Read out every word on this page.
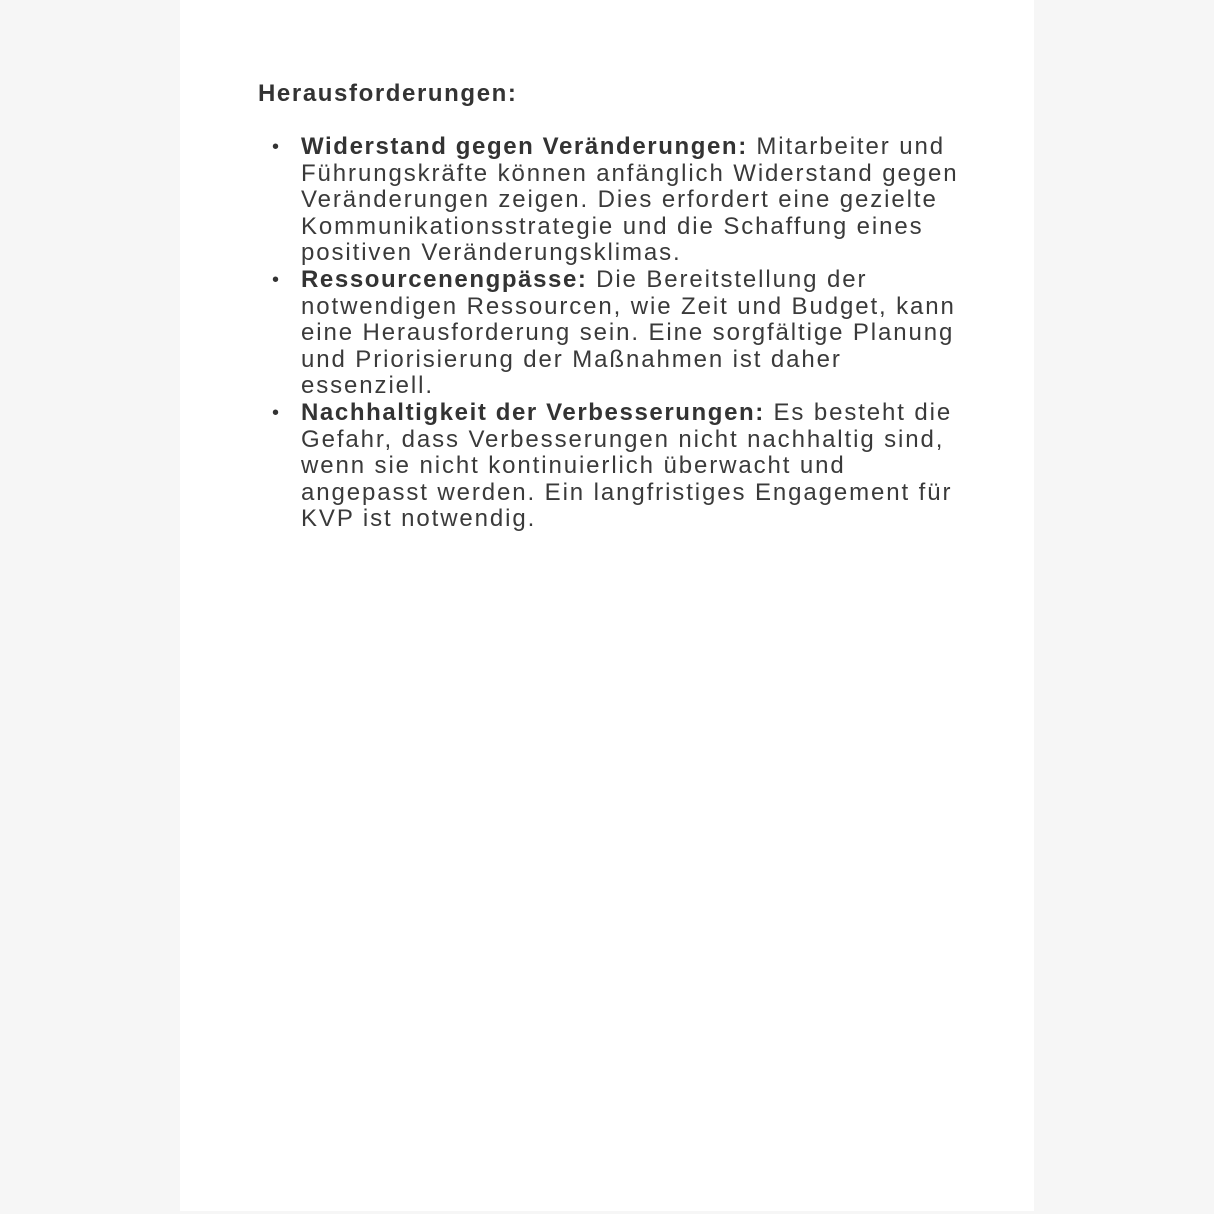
Herausforderungen:
• Widerstand gegen Veränderungen: Mitarbeiter und Führungskräfte können anfänglich Widerstand gegen Veränderungen zeigen. Dies erfordert eine gezielte Kommunikationsstrategie und die Schaffung eines positiven Veränderungsklimas.
• Ressourcenengpässe: Die Bereitstellung der notwendigen Ressourcen, wie Zeit und Budget, kann eine Herausforderung sein. Eine sorgfältige Planung und Priorisierung der Maßnahmen ist daher essenziell.
• Nachhaltigkeit der Verbesserungen: Es besteht die Gefahr, dass Verbesserungen nicht nachhaltig sind, wenn sie nicht kontinuierlich überwacht und angepasst werden. Ein langfristiges Engagement für KVP ist notwendig.
